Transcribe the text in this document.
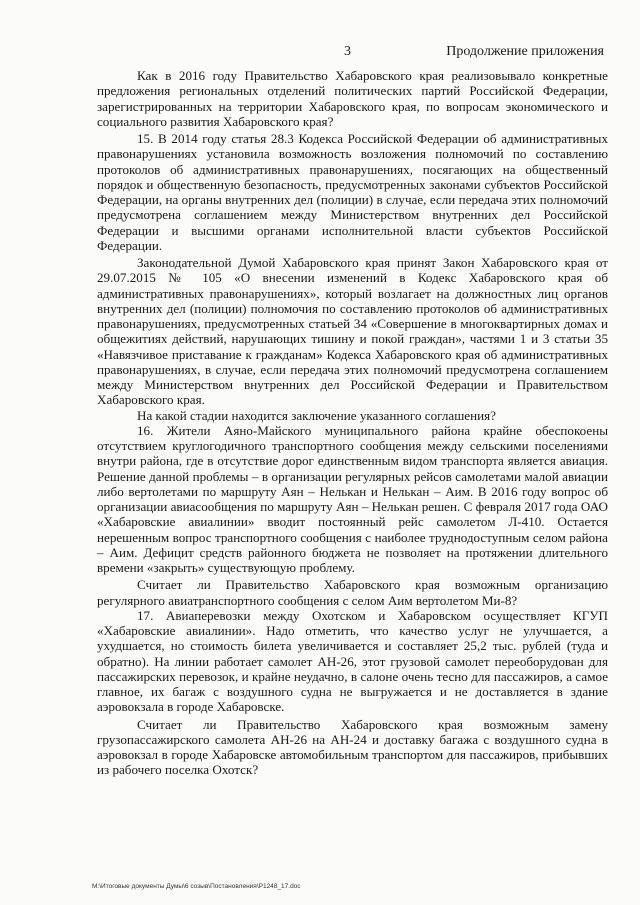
3	Продолжение приложения

Как в 2016 году Правительство Хабаровского края реализовывало конкретные предложения региональных отделений политических партий Российской Федерации, зарегистрированных на территории Хабаровского края, по вопросам экономического и социального развития Хабаровского края?

15. В 2014 году статья 28.3 Кодекса Российской Федерации об административных правонарушениях установила возможность возложения полномочий по составлению протоколов об административных правонарушениях, посягающих на общественный порядок и общественную безопасность, предусмотренных законами субъектов Российской Федерации, на органы внутренних дел (полиции) в случае, если передача этих полномочий предусмотрена соглашением между Министерством внутренних дел Российской Федерации и высшими органами исполнительной власти субъектов Российской Федерации.

Законодательной Думой Хабаровского края принят Закон Хабаровского края от 29.07.2015 № 105 «О внесении изменений в Кодекс Хабаровского края об административных правонарушениях», который возлагает на должностных лиц органов внутренних дел (полиции) полномочия по составлению протоколов об административных правонарушениях, предусмотренных статьей 34 «Совершение в многоквартирных домах и общежитиях действий, нарушающих тишину и покой граждан», частями 1 и 3 статьи 35 «Навязчивое приставание к гражданам» Кодекса Хабаровского края об административных правонарушениях, в случае, если передача этих полномочий предусмотрена соглашением между Министерством внутренних дел Российской Федерации и Правительством Хабаровского края.

На какой стадии находится заключение указанного соглашения?

16. Жители Аяно-Майского муниципального района крайне обеспокоены отсутствием круглогодичного транспортного сообщения между сельскими поселениями внутри района, где в отсутствие дорог единственным видом транспорта является авиация. Решение данной проблемы – в организации регулярных рейсов самолетами малой авиации либо вертолетами по маршруту Аян – Нелькан и Нелькан – Аим. В 2016 году вопрос об организации авиасообщения по маршруту Аян – Нелькан решен. С февраля 2017 года ОАО «Хабаровские авиалинии» вводит постоянный рейс самолетом Л-410. Остается нерешенным вопрос транспортного сообщения с наиболее труднодоступным селом района – Аим. Дефицит средств районного бюджета не позволяет на протяжении длительного времени «закрыть» существующую проблему.

Считает ли Правительство Хабаровского края возможным организацию регулярного авиатранспортного сообщения с селом Аим вертолетом Ми-8?

17. Авиаперевозки между Охотском и Хабаровском осуществляет КГУП «Хабаровские авиалинии». Надо отметить, что качество услуг не улучшается, а ухудшается, но стоимость билета увеличивается и составляет 25,2 тыс. рублей (туда и обратно). На линии работает самолет АН-26, этот грузовой самолет переоборудован для пассажирских перевозок, и крайне неудачно, в салоне очень тесно для пассажиров, а самое главное, их багаж с воздушного судна не выгружается и не доставляется в здание аэровокзала в городе Хабаровске.

Считает ли Правительство Хабаровского края возможным замену грузопассажирского самолета АН-26 на АН-24 и доставку багажа с воздушного судна в аэровокзал в городе Хабаровске автомобильным транспортом для пассажиров, прибывших из рабочего поселка Охотск?

M:\Итоговые документы Думы\6 созыв\Постановления\Р1248_17.doc
